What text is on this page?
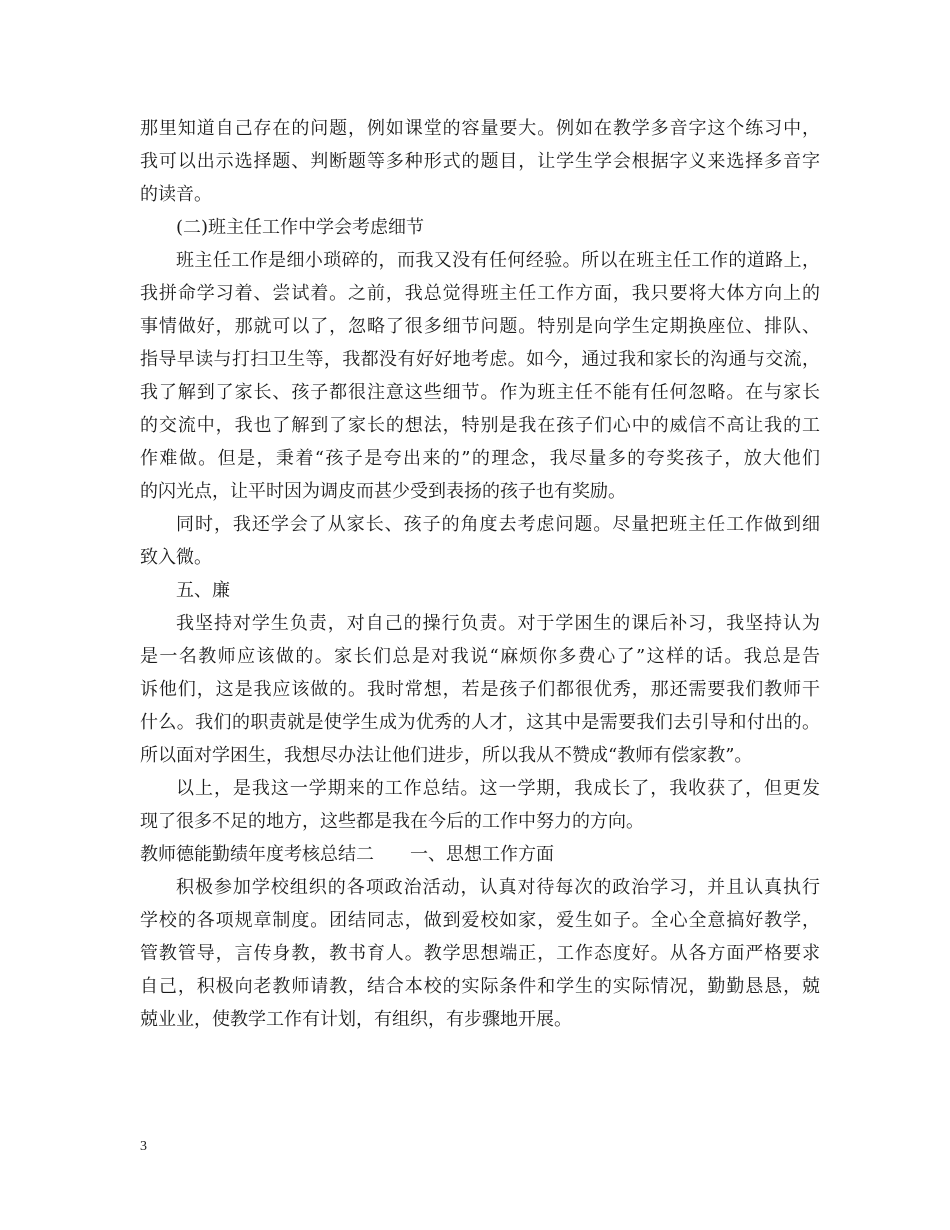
那里知道自己存在的问题，例如课堂的容量要大。例如在教学多音字这个练习中，
我可以出示选择题、判断题等多种形式的题目，让学生学会根据字义来选择多音字
的读音。
(二)班主任工作中学会考虑细节
班主任工作是细小琐碎的，而我又没有任何经验。所以在班主任工作的道路上，
我拼命学习着、尝试着。之前，我总觉得班主任工作方面，我只要将大体方向上的
事情做好，那就可以了，忽略了很多细节问题。特别是向学生定期换座位、排队、
指导早读与打扫卫生等，我都没有好好地考虑。如今，通过我和家长的沟通与交流，
我了解到了家长、孩子都很注意这些细节。作为班主任不能有任何忽略。在与家长
的交流中，我也了解到了家长的想法，特别是我在孩子们心中的威信不高让我的工
作难做。但是，秉着“孩子是夸出来的”的理念，我尽量多的夸奖孩子，放大他们
的闪光点，让平时因为调皮而甚少受到表扬的孩子也有奖励。
同时，我还学会了从家长、孩子的角度去考虑问题。尽量把班主任工作做到细
致入微。
五、廉
我坚持对学生负责，对自己的操行负责。对于学困生的课后补习，我坚持认为
是一名教师应该做的。家长们总是对我说“麻烦你多费心了”这样的话。我总是告
诉他们，这是我应该做的。我时常想，若是孩子们都很优秀，那还需要我们教师干
什么。我们的职责就是使学生成为优秀的人才，这其中是需要我们去引导和付出的。
所以面对学困生，我想尽办法让他们进步，所以我从不赞成“教师有偿家教”。
以上，是我这一学期来的工作总结。这一学期，我成长了，我收获了，但更发
现了很多不足的地方，这些都是我在今后的工作中努力的方向。
教师德能勤绩年度考核总结二　　一、思想工作方面
积极参加学校组织的各项政治活动，认真对待每次的政治学习，并且认真执行
学校的各项规章制度。团结同志，做到爱校如家，爱生如子。全心全意搞好教学，
管教管导，言传身教，教书育人。教学思想端正，工作态度好。从各方面严格要求
自己，积极向老教师请教，结合本校的实际条件和学生的实际情况，勤勤恳恳，兢
兢业业，使教学工作有计划，有组织，有步骤地开展。
3
